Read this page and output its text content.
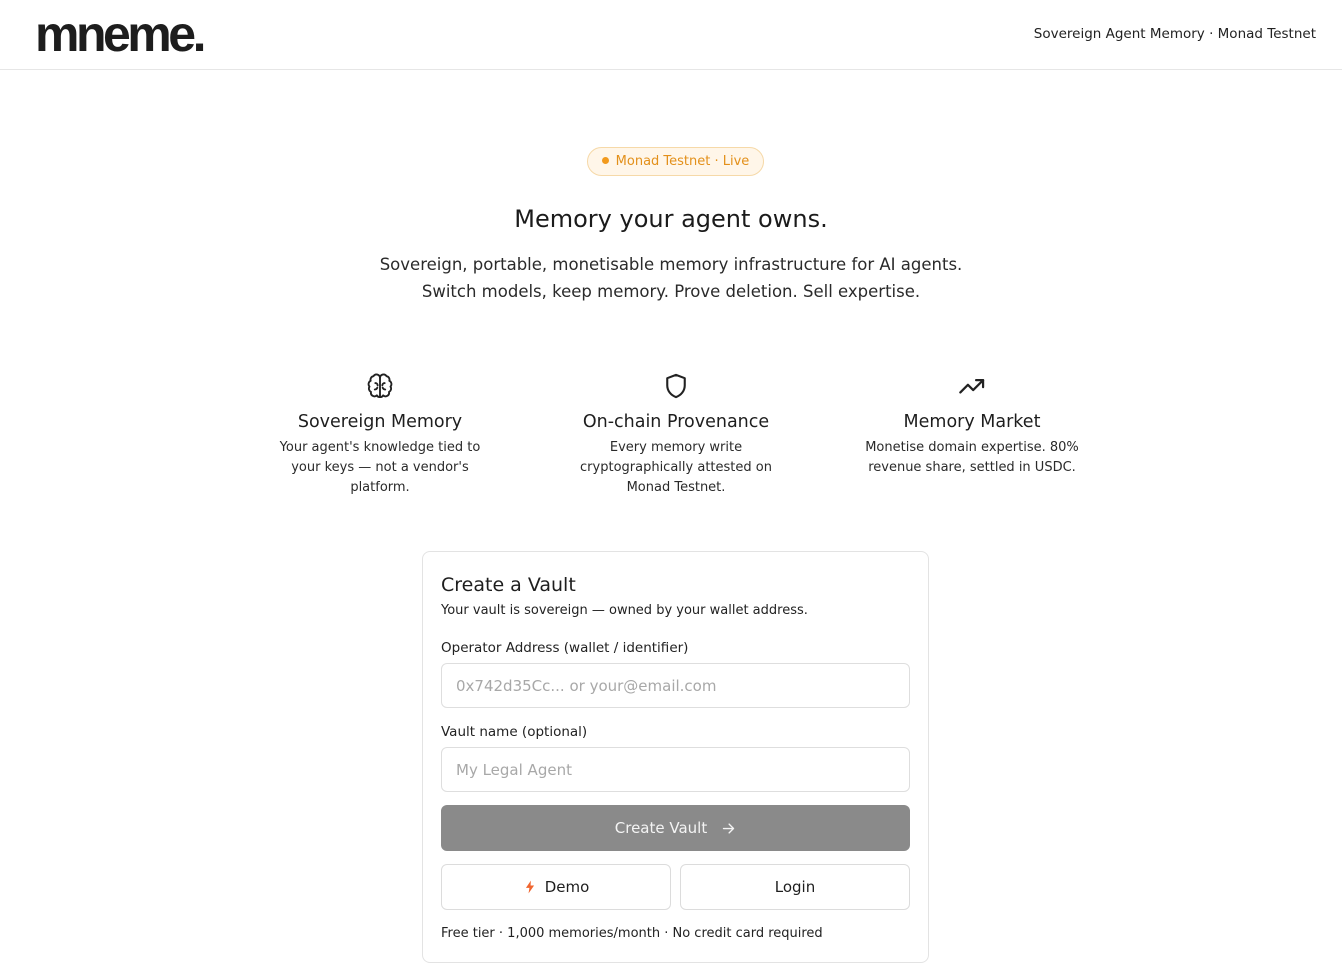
mneme.	Sovereign Agent Memory · Monad Testnet
Monad Testnet · Live
Memory your agent owns.
Sovereign, portable, monetisable memory infrastructure for AI agents.
Switch models, keep memory. Prove deletion. Sell expertise.
Sovereign Memory
Your agent's knowledge tied to your keys — not a vendor's platform.
On-chain Provenance
Every memory write cryptographically attested on Monad Testnet.
Memory Market
Monetise domain expertise. 80% revenue share, settled in USDC.
Create a Vault
Your vault is sovereign — owned by your wallet address.
Operator Address (wallet / identifier)
0x742d35Cc... or your@email.com
Vault name (optional)
My Legal Agent
Create Vault
Demo	Login
Free tier · 1,000 memories/month · No credit card required
